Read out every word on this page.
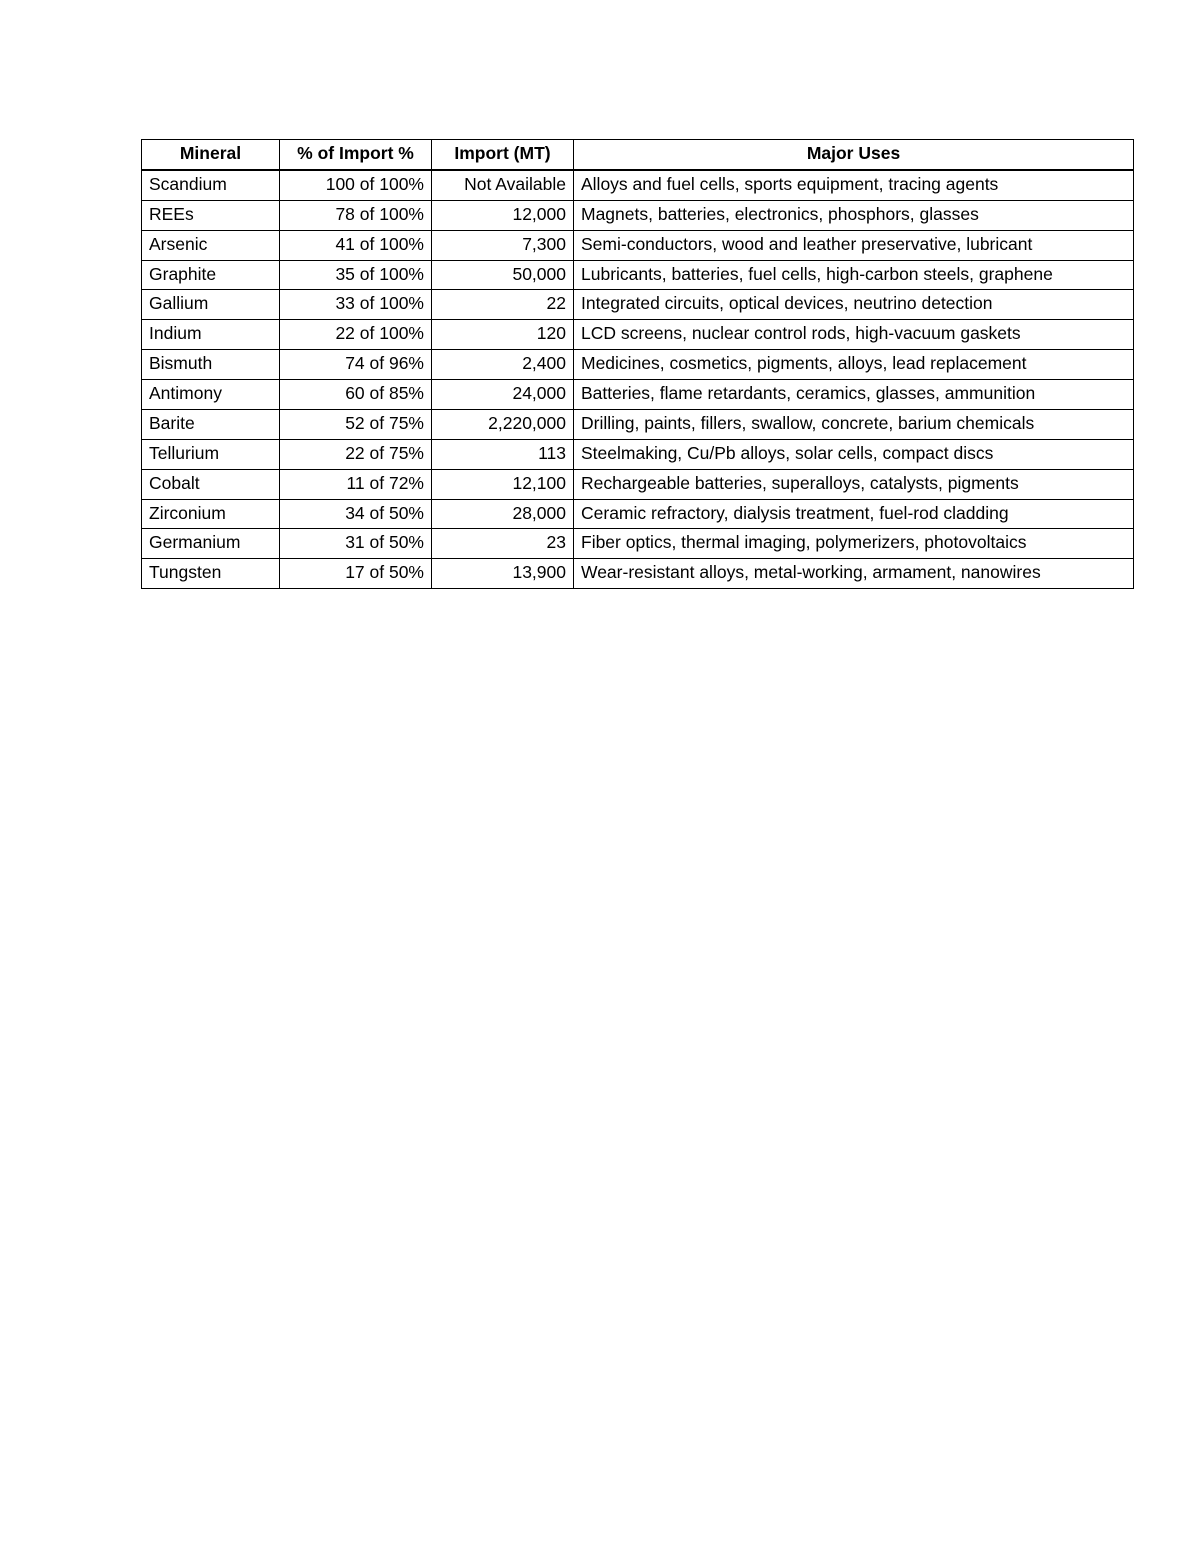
Mineral	% of Import %	Import (MT)	Major Uses
Scandium	100 of 100%	Not Available	Alloys and fuel cells, sports equipment, tracing agents
REEs	78 of 100%	12,000	Magnets, batteries, electronics, phosphors, glasses
Arsenic	41 of 100%	7,300	Semi-conductors, wood and leather preservative, lubricant
Graphite	35 of 100%	50,000	Lubricants, batteries, fuel cells, high-carbon steels, graphene
Gallium	33 of 100%	22	Integrated circuits, optical devices, neutrino detection
Indium	22 of 100%	120	LCD screens, nuclear control rods, high-vacuum gaskets
Bismuth	74 of 96%	2,400	Medicines, cosmetics, pigments, alloys, lead replacement
Antimony	60 of 85%	24,000	Batteries, flame retardants, ceramics, glasses, ammunition
Barite	52 of 75%	2,220,000	Drilling, paints, fillers, swallow, concrete, barium chemicals
Tellurium	22 of 75%	113	Steelmaking, Cu/Pb alloys, solar cells, compact discs
Cobalt	11 of 72%	12,100	Rechargeable batteries, superalloys, catalysts, pigments
Zirconium	34 of 50%	28,000	Ceramic refractory, dialysis treatment, fuel-rod cladding
Germanium	31 of 50%	23	Fiber optics, thermal imaging, polymerizers, photovoltaics
Tungsten	17 of 50%	13,900	Wear-resistant alloys, metal-working, armament, nanowires
